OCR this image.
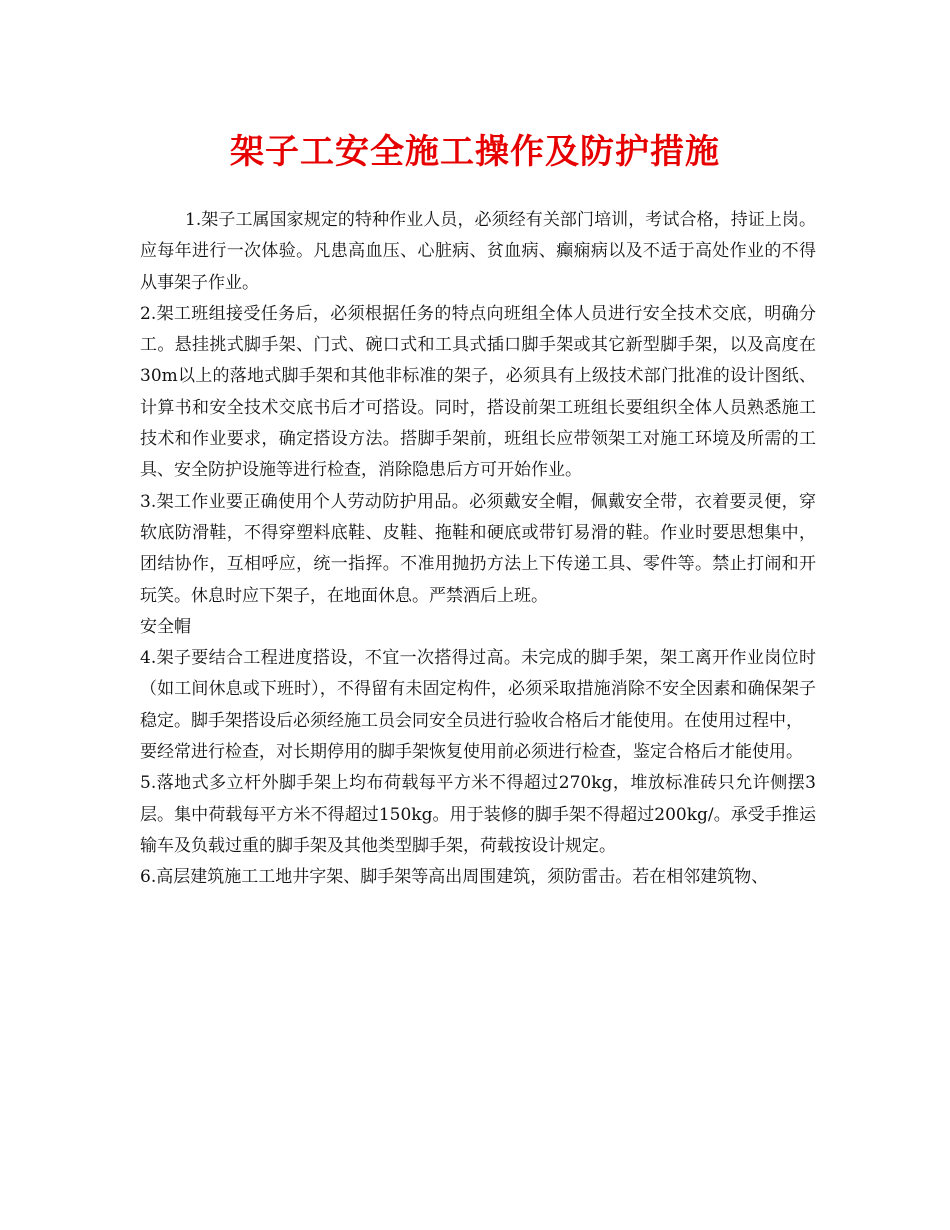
架子工安全施工操作及防护措施

1.架子工属国家规定的特种作业人员，必须经有关部门培训，考试合格，持证上岗。应每年进行一次体验。凡患高血压、心脏病、贫血病、癫痫病以及不适于高处作业的不得从事架子作业。

2.架工班组接受任务后，必须根据任务的特点向班组全体人员进行安全技术交底，明确分工。悬挂挑式脚手架、门式、碗口式和工具式插口脚手架或其它新型脚手架，以及高度在30m以上的落地式脚手架和其他非标准的架子，必须具有上级技术部门批准的设计图纸、计算书和安全技术交底书后才可搭设。同时，搭设前架工班组长要组织全体人员熟悉施工技术和作业要求，确定搭设方法。搭脚手架前，班组长应带领架工对施工环境及所需的工具、安全防护设施等进行检查，消除隐患后方可开始作业。

3.架工作业要正确使用个人劳动防护用品。必须戴安全帽，佩戴安全带，衣着要灵便，穿软底防滑鞋，不得穿塑料底鞋、皮鞋、拖鞋和硬底或带钉易滑的鞋。作业时要思想集中，团结协作，互相呼应，统一指挥。不准用抛扔方法上下传递工具、零件等。禁止打闹和开玩笑。休息时应下架子，在地面休息。严禁酒后上班。

安全帽

4.架子要结合工程进度搭设，不宜一次搭得过高。未完成的脚手架，架工离开作业岗位时（如工间休息或下班时），不得留有未固定构件，必须采取措施消除不安全因素和确保架子稳定。脚手架搭设后必须经施工员会同安全员进行验收合格后才能使用。在使用过程中，

要经常进行检查，对长期停用的脚手架恢复使用前必须进行检查，鉴定合格后才能使用。

5.落地式多立杆外脚手架上均布荷载每平方米不得超过270kg，堆放标准砖只允许侧摆3层。集中荷载每平方米不得超过150kg。用于装修的脚手架不得超过200kg/。承受手推运输车及负载过重的脚手架及其他类型脚手架，荷载按设计规定。

6.高层建筑施工工地井字架、脚手架等高出周围建筑，须防雷击。若在相邻建筑物、
